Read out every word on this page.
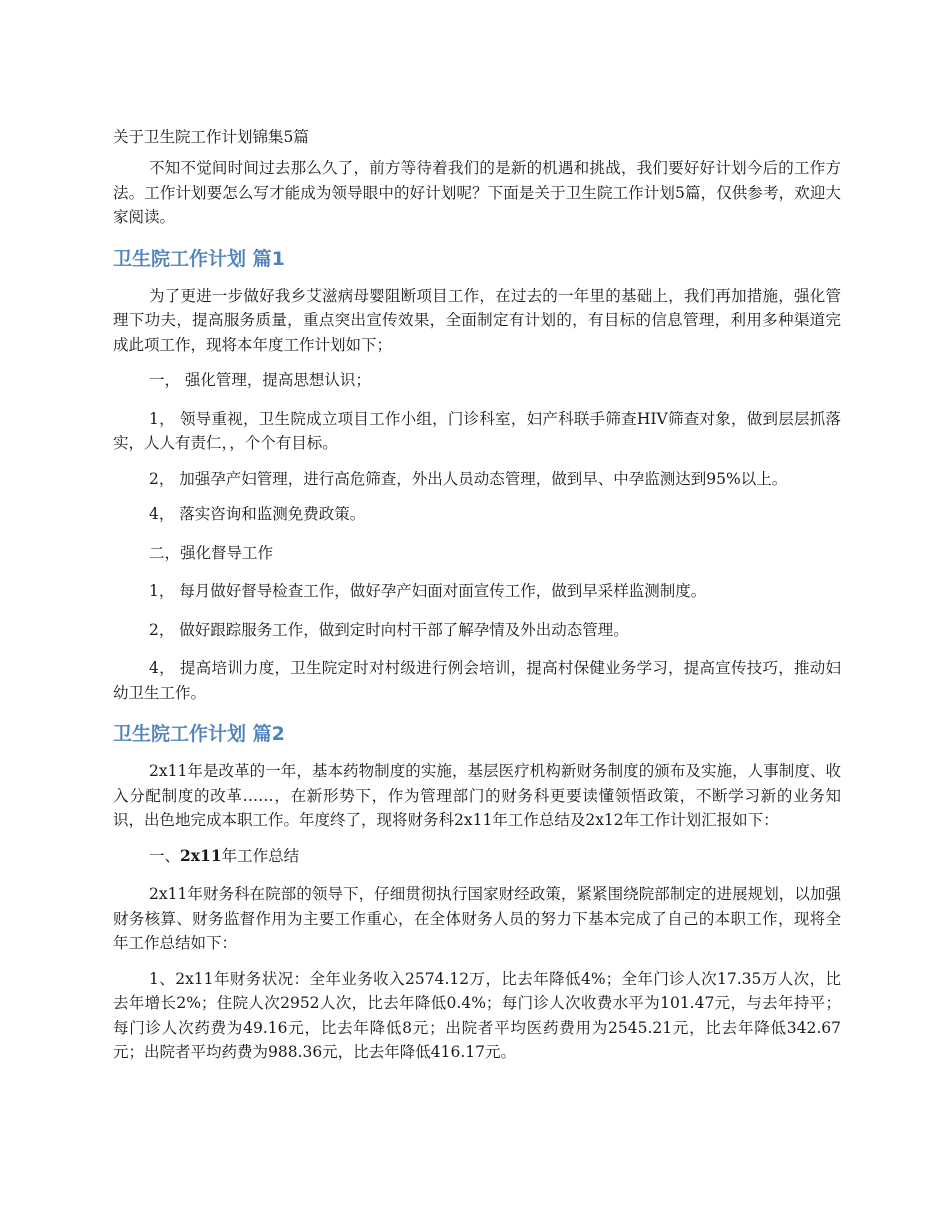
关于卫生院工作计划锦集5篇

不知不觉间时间过去那么久了，前方等待着我们的是新的机遇和挑战，我们要好好计划今后的工作方法。工作计划要怎么写才能成为领导眼中的好计划呢？下面是关于卫生院工作计划5篇，仅供参考，欢迎大家阅读。

卫生院工作计划 篇1

为了更进一步做好我乡艾滋病母婴阻断项目工作，在过去的一年里的基础上，我们再加措施，强化管理下功夫，提高服务质量，重点突出宣传效果，全面制定有计划的，有目标的信息管理，利用多种渠道完成此项工作，现将本年度工作计划如下；

一， 强化管理，提高思想认识；

1， 领导重视，卫生院成立项目工作小组，门诊科室，妇产科联手筛查HIV筛查对象，做到层层抓落实，人人有责仁，，个个有目标。

2， 加强孕产妇管理，进行高危筛查，外出人员动态管理，做到早、中孕监测达到95%以上。

4， 落实咨询和监测免费政策。

二，强化督导工作

1， 每月做好督导检查工作，做好孕产妇面对面宣传工作，做到早采样监测制度。

2， 做好跟踪服务工作，做到定时向村干部了解孕情及外出动态管理。

4， 提高培训力度，卫生院定时对村级进行例会培训，提高村保健业务学习，提高宣传技巧，推动妇幼卫生工作。

卫生院工作计划 篇2

2x11年是改革的一年，基本药物制度的实施，基层医疗机构新财务制度的颁布及实施，人事制度、收入分配制度的改革……，在新形势下，作为管理部门的财务科更要读懂领悟政策，不断学习新的业务知识，出色地完成本职工作。年度终了，现将财务科2x11年工作总结及2x12年工作计划汇报如下：

一、2x11年工作总结

2x11年财务科在院部的领导下，仔细贯彻执行国家财经政策，紧紧围绕院部制定的进展规划，以加强财务核算、财务监督作用为主要工作重心，在全体财务人员的努力下基本完成了自己的本职工作，现将全年工作总结如下：

1、2x11年财务状况：全年业务收入2574.12万，比去年降低4%；全年门诊人次17.35万人次，比去年增长2%；住院人次2952人次，比去年降低0.4%；每门诊人次收费水平为101.47元，与去年持平；每门诊人次药费为49.16元，比去年降低8元；出院者平均医药费用为2545.21元，比去年降低342.67元；出院者平均药费为988.36元，比去年降低416.17元。
